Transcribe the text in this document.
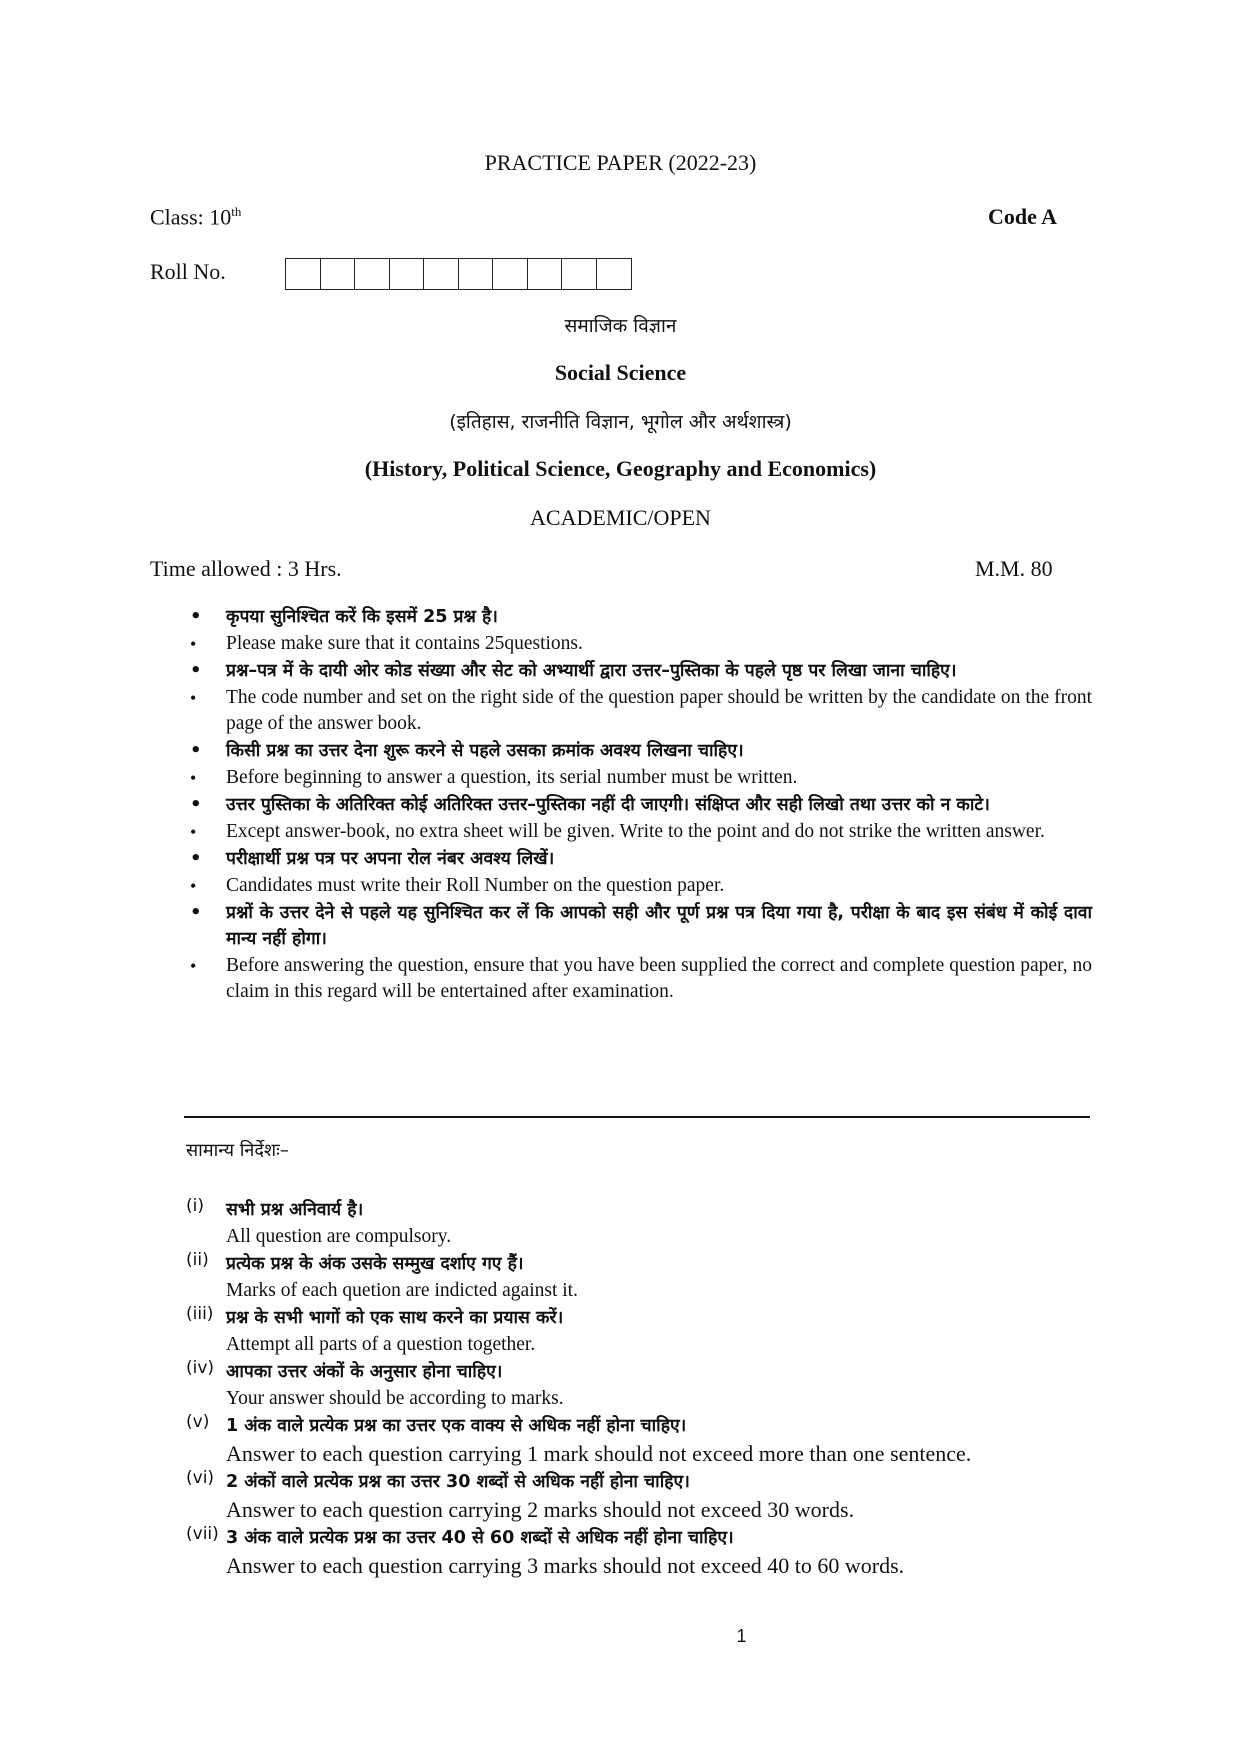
PRACTICE PAPER (2022-23)
Class: 10th	Code A
Roll No.
समाजिक विज्ञान
Social Science
(इतिहास, राजनीति विज्ञान, भूगोल और अर्थशास्त्र)
(History, Political Science, Geography and Economics)
ACADEMIC/OPEN
Time allowed : 3 Hrs.	M.M. 80
• कृपया सुनिश्चित करें कि इसमें 25 प्रश्न है।
• Please make sure that it contains 25questions.
• प्रश्न–पत्र में के दायी ओर कोड संख्या और सेट को अभ्यार्थी द्वारा उत्तर–पुस्तिका के पहले पृष्ठ पर लिखा जाना चाहिए।
• The code number and set on the right side of the question paper should be written by the candidate on the front page of the answer book.
• किसी प्रश्न का उत्तर देना शुरू करने से पहले उसका क्रमांक अवश्य लिखना चाहिए।
• Before beginning to answer a question, its serial number must be written.
• उत्तर पुस्तिका के अतिरिक्त कोई अतिरिक्त उत्तर–पुस्तिका नहीं दी जाएगी। संक्षिप्त और सही लिखो तथा उत्तर को न काटे।
• Except answer-book, no extra sheet will be given. Write to the point and do not strike the written answer.
• परीक्षार्थी प्रश्न पत्र पर अपना रोल नंबर अवश्य लिखें।
• Candidates must write their Roll Number on the question paper.
• प्रश्नों के उत्तर देने से पहले यह सुनिश्चित कर लें कि आपको सही और पूर्ण प्रश्न पत्र दिया गया है, परीक्षा के बाद इस संबंध में कोई दावा मान्य नहीं होगा।
• Before answering the question, ensure that you have been supplied the correct and complete question paper, no claim in this regard will be entertained after examination.
सामान्य निर्देशः–
(i) सभी प्रश्न अनिवार्य है।
All question are compulsory.
(ii) प्रत्येक प्रश्न के अंक उसके सम्मुख दर्शाए गए हैं।
Marks of each quetion are indicted against it.
(iii) प्रश्न के सभी भागों को एक साथ करने का प्रयास करें।
Attempt all parts of a question together.
(iv) आपका उत्तर अंकों के अनुसार होना चाहिए।
Your answer should be according to marks.
(v) 1 अंक वाले प्रत्येक प्रश्न का उत्तर एक वाक्य से अधिक नहीं होना चाहिए।
Answer to each question carrying 1 mark should not exceed more than one sentence.
(vi) 2 अंकों वाले प्रत्येक प्रश्न का उत्तर 30 शब्दों से अधिक नहीं होना चाहिए।
Answer to each question carrying 2 marks should not exceed 30 words.
(vii) 3 अंक वाले प्रत्येक प्रश्न का उत्तर 40 से 60 शब्दों से अधिक नहीं होना चाहिए।
Answer to each question carrying 3 marks should not exceed 40 to 60 words.
1
